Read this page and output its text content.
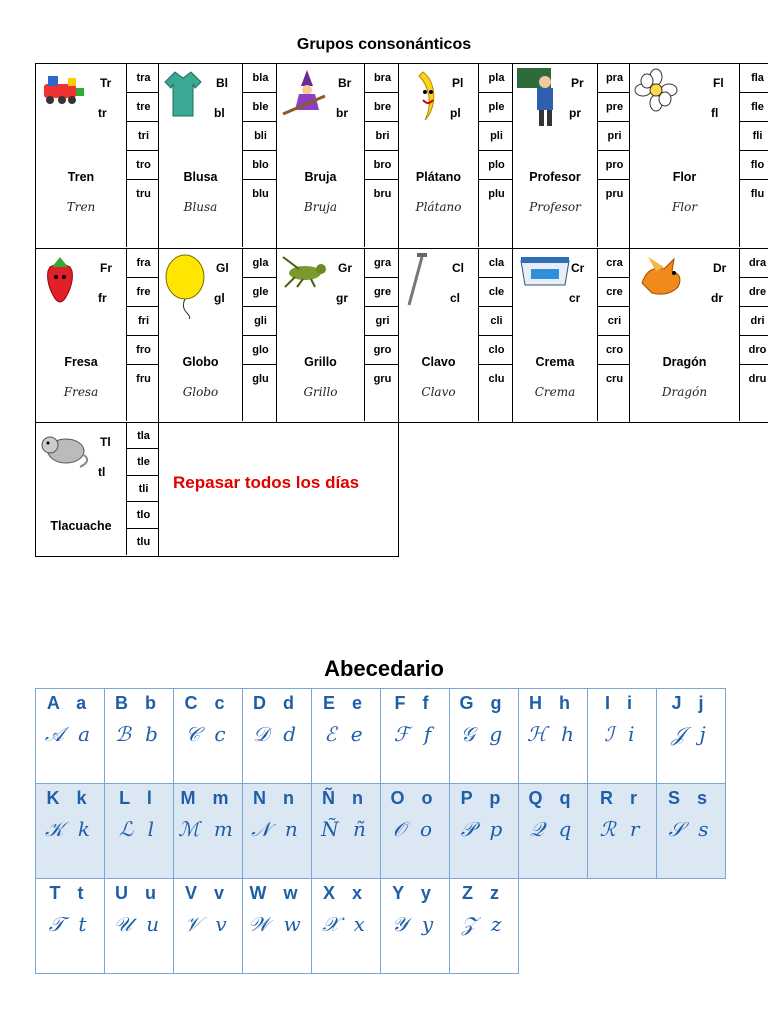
Grupos consonánticos
Tr
tr
Tren
Tren
tra
tre
tri
tro
tru
Bl
bl
Blusa
Blusa
bla
ble
bli
blo
blu
Br
br
Bruja
Bruja
bra
bre
bri
bro
bru
Pl
pl
Plátano
Plátano
pla
ple
pli
plo
plu
Pr
pr
Profesor
Profesor
pra
pre
pri
pro
pru
Fl
fl
Flor
Flor
fla
fle
fli
flo
flu
Fr
fr
Fresa
Fresa
fra
fre
fri
fro
fru
Gl
gl
Globo
Globo
gla
gle
gli
glo
glu
Gr
gr
Grillo
Grillo
gra
gre
gri
gro
gru
Cl
cl
Clavo
Clavo
cla
cle
cli
clo
clu
Cr
cr
Crema
Crema
cra
cre
cri
cro
cru
Dr
dr
Dragón
Dragón
dra
dre
dri
dro
dru
Tl
tl
Tlacuache
tla
tle
tli
tlo
tlu
Repasar todos los días
Abecedario
A a
𝒜 a
B b
ℬ b
C c
𝒞 c
D d
𝒟 d
E e
ℰ e
F f
ℱ f
G g
𝒢 g
H h
ℋ h
I i
ℐ i
J j
𝒥 j
K k
𝒦 k
L l
ℒ l
M m
ℳ m
N n
𝒩 n
Ñ n
Ñ ñ
O o
𝒪 o
P p
𝒫 p
Q q
𝒬 q
R r
ℛ r
S s
𝒮 s
T t
𝒯 t
U u
𝒰 u
V v
𝒱 v
W w
𝒲 w
X x
𝒳 x
Y y
𝒴 y
Z z
𝒵 z
